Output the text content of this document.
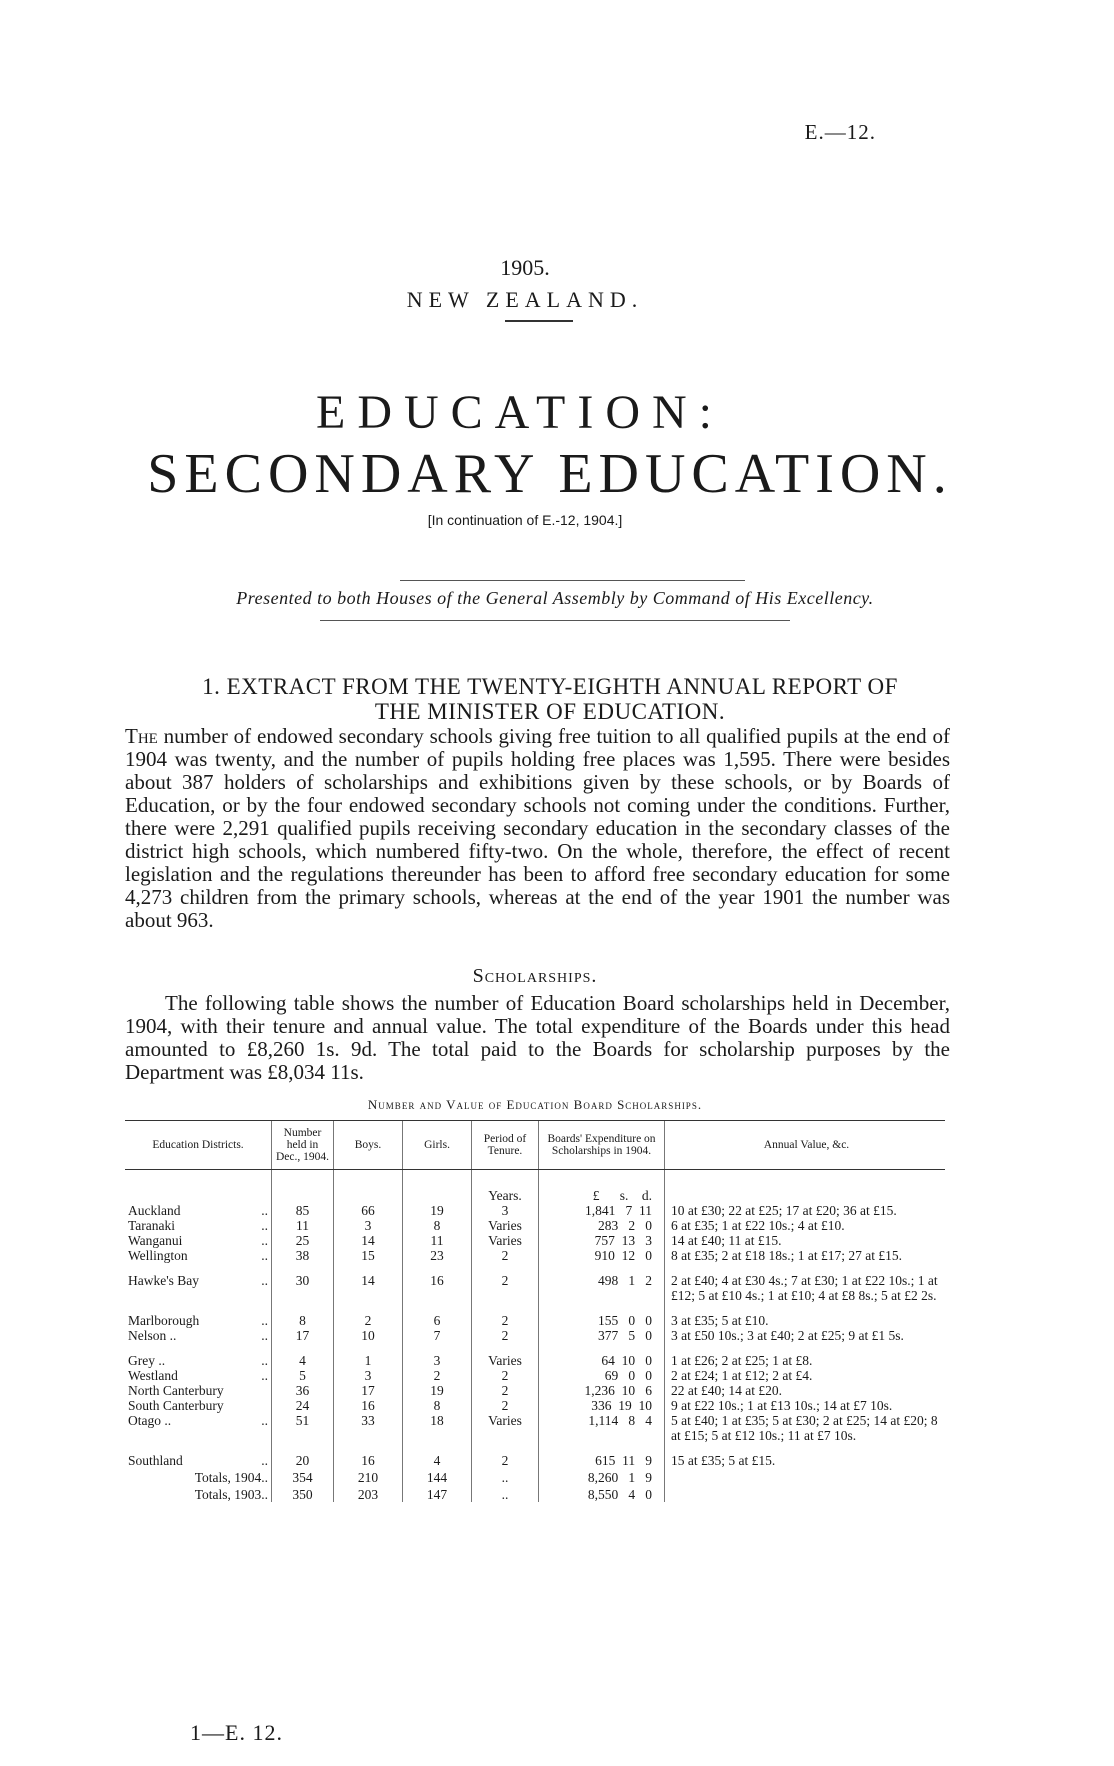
E.—12.
1905.
NEW ZEALAND.
EDUCATION:
SECONDARY EDUCATION.
[In continuation of E.-12, 1904.]
Presented to both Houses of the General Assembly by Command of His Excellency.
1. EXTRACT FROM THE TWENTY-EIGHTH ANNUAL REPORT OF
THE MINISTER OF EDUCATION.
The number of endowed secondary schools giving free tuition to all qualified pupils at the end of 1904 was twenty, and the number of pupils holding free places was 1,595. There were besides about 387 holders of scholarships and exhibitions given by these schools, or by Boards of Education, or by the four endowed secondary schools not coming under the conditions. Further, there were 2,291 qualified pupils receiving secondary education in the secondary classes of the district high schools, which numbered fifty-two. On the whole, therefore, the effect of recent legislation and the regulations thereunder has been to afford free secondary education for some 4,273 children from the primary schools, whereas at the end of the year 1901 the number was about 963.
Scholarships.
The following table shows the number of Education Board scholarships held in December, 1904, with their tenure and annual value. The total expenditure of the Boards under this head amounted to £8,260 1s. 9d. The total paid to the Boards for scholarship purposes by the Department was £8,034 11s.
Number and Value of Education Board Scholarships.
Education Districts.	Number held in Dec., 1904.	Boys.	Girls.	Period of Tenure.	Boards' Expenditure on Scholarships in 1904.	Annual Value, &c.
				Years.	£      s.    d.	
Auckland ..	85	66	19	3	1,841   7  11	10 at £30; 22 at £25; 17 at £20; 36 at £15.
Taranaki ..	11	3	8	Varies	283   2   0	6 at £35; 1 at £22 10s.; 4 at £10.
Wanganui ..	25	14	11	Varies	757  13   3	14 at £40; 11 at £15.
Wellington ..	38	15	23	2	910  12   0	8 at £35; 2 at £18 18s.; 1 at £17; 27 at £15.

Hawke's Bay ..	30	14	16	2	498   1   2	2 at £40; 4 at £30 4s.; 7 at £30; 1 at £22 10s.; 1 at £12; 5 at £10 4s.; 1 at £10; 4 at £8 8s.; 5 at £2 2s.

Marlborough ..	8	2	6	2	155   0   0	3 at £35; 5 at £10.
Nelson .. ..	17	10	7	2	377   5   0	3 at £50 10s.; 3 at £40; 2 at £25; 9 at £1 5s.

Grey .. ..	4	1	3	Varies	64  10   0	1 at £26; 2 at £25; 1 at £8.
Westland ..	5	3	2	2	69   0   0	2 at £24; 1 at £12; 2 at £4.
North Canterbury	36	17	19	2	1,236  10   6	22 at £40; 14 at £20.
South Canterbury	24	16	8	2	336  19  10	9 at £22 10s.; 1 at £13 10s.; 14 at £7 10s.
Otago .. ..	51	33	18	Varies	1,114   8   4	5 at £40; 1 at £35; 5 at £30; 2 at £25; 14 at £20; 8 at £15; 5 at £12 10s.; 11 at £7 10s.

Southland ..	20	16	4	2	615  11   9	15 at £35; 5 at £15.
Totals, 1904..	354	210	144	..	8,260   1   9	
Totals, 1903..	350	203	147	..	8,550   4   0	
1—E. 12.
